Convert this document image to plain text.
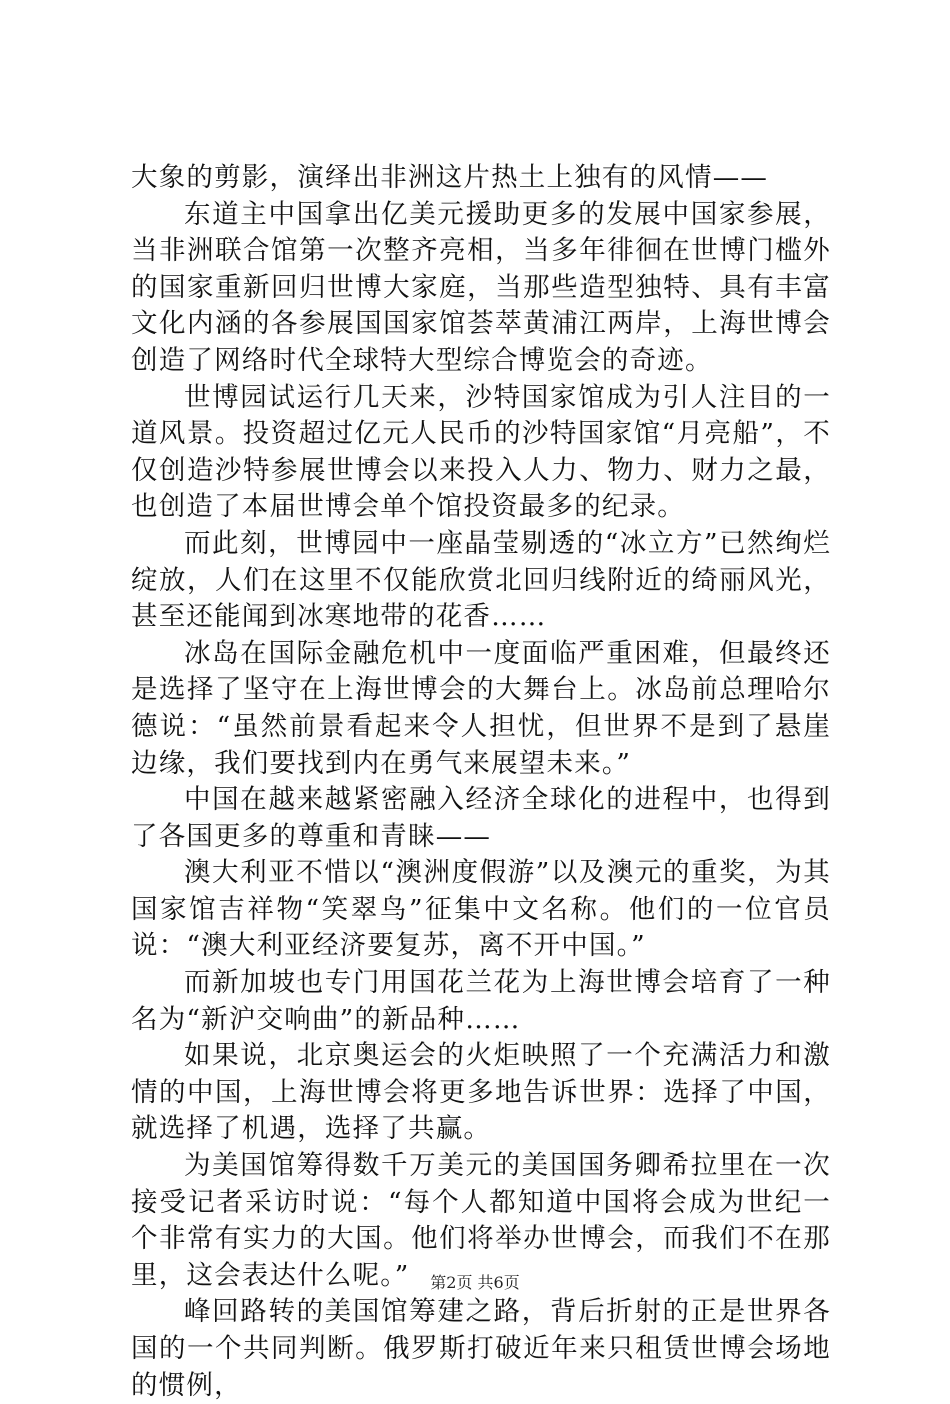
大象的剪影，演绎出非洲这片热土上独有的风情——

东道主中国拿出亿美元援助更多的发展中国家参展，当非洲联合馆第一次整齐亮相，当多年徘徊在世博门槛外的国家重新回归世博大家庭，当那些造型独特、具有丰富文化内涵的各参展国国家馆荟萃黄浦江两岸，上海世博会创造了网络时代全球特大型综合博览会的奇迹。

世博园试运行几天来，沙特国家馆成为引人注目的一道风景。投资超过亿元人民币的沙特国家馆“月亮船”，不仅创造沙特参展世博会以来投入人力、物力、财力之最，也创造了本届世博会单个馆投资最多的纪录。

而此刻，世博园中一座晶莹剔透的“冰立方”已然绚烂绽放，人们在这里不仅能欣赏北回归线附近的绮丽风光，甚至还能闻到冰寒地带的花香……

冰岛在国际金融危机中一度面临严重困难，但最终还是选择了坚守在上海世博会的大舞台上。冰岛前总理哈尔德说：“虽然前景看起来令人担忧，但世界不是到了悬崖边缘，我们要找到内在勇气来展望未来。”

中国在越来越紧密融入经济全球化的进程中，也得到了各国更多的尊重和青睐——

澳大利亚不惜以“澳洲度假游”以及澳元的重奖，为其国家馆吉祥物“笑翠鸟”征集中文名称。他们的一位官员说：“澳大利亚经济要复苏，离不开中国。”

而新加坡也专门用国花兰花为上海世博会培育了一种名为“新沪交响曲”的新品种……

如果说，北京奥运会的火炬映照了一个充满活力和激情的中国，上海世博会将更多地告诉世界：选择了中国，就选择了机遇，选择了共赢。

为美国馆筹得数千万美元的美国国务卿希拉里在一次接受记者采访时说：“每个人都知道中国将会成为世纪一个非常有实力的大国。他们将举办世博会，而我们不在那里，这会表达什么呢。”

峰回路转的美国馆筹建之路，背后折射的正是世界各国的一个共同判断。俄罗斯打破近年来只租赁世博会场地的惯例，

第2页 共6页
